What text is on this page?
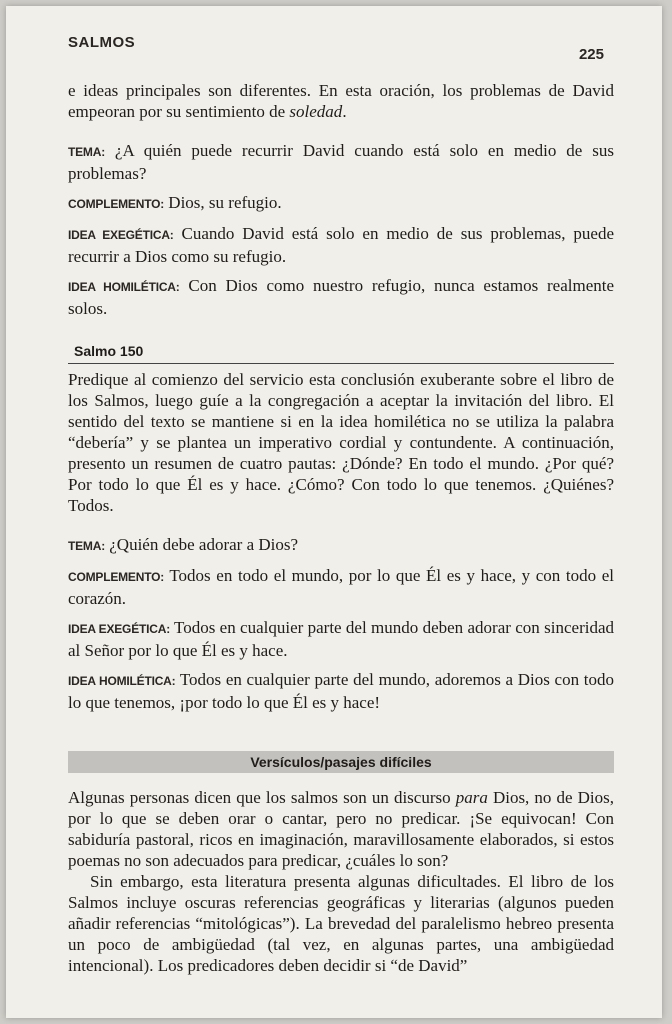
SALMOS
225

e ideas principales son diferentes. En esta oración, los problemas de David empeoran por su sentimiento de soledad.

TEMA: ¿A quién puede recurrir David cuando está solo en medio de sus problemas?

COMPLEMENTO: Dios, su refugio.

IDEA EXEGÉTICA: Cuando David está solo en medio de sus problemas, puede recurrir a Dios como su refugio.

IDEA HOMILÉTICA: Con Dios como nuestro refugio, nunca estamos realmente solos.

Salmo 150

Predique al comienzo del servicio esta conclusión exuberante sobre el libro de los Salmos, luego guíe a la congregación a aceptar la invitación del libro. El sentido del texto se mantiene si en la idea homilética no se utiliza la palabra “debería” y se plantea un imperativo cordial y contundente. A continuación, presento un resumen de cuatro pautas: ¿Dónde? En todo el mundo. ¿Por qué? Por todo lo que Él es y hace. ¿Cómo? Con todo lo que tenemos. ¿Quiénes? Todos.

TEMA: ¿Quién debe adorar a Dios?

COMPLEMENTO: Todos en todo el mundo, por lo que Él es y hace, y con todo el corazón.

IDEA EXEGÉTICA: Todos en cualquier parte del mundo deben adorar con sinceridad al Señor por lo que Él es y hace.

IDEA HOMILÉTICA: Todos en cualquier parte del mundo, adoremos a Dios con todo lo que tenemos, ¡por todo lo que Él es y hace!

Versículos/pasajes difíciles

Algunas personas dicen que los salmos son un discurso para Dios, no de Dios, por lo que se deben orar o cantar, pero no predicar. ¡Se equivocan! Con sabiduría pastoral, ricos en imaginación, maravillosamente elaborados, si estos poemas no son adecuados para predicar, ¿cuáles lo son?

Sin embargo, esta literatura presenta algunas dificultades. El libro de los Salmos incluye oscuras referencias geográficas y literarias (algunos pueden añadir referencias “mitológicas”). La brevedad del paralelismo hebreo presenta un poco de ambigüedad (tal vez, en algunas partes, una ambigüedad intencional). Los predicadores deben decidir si “de David”
